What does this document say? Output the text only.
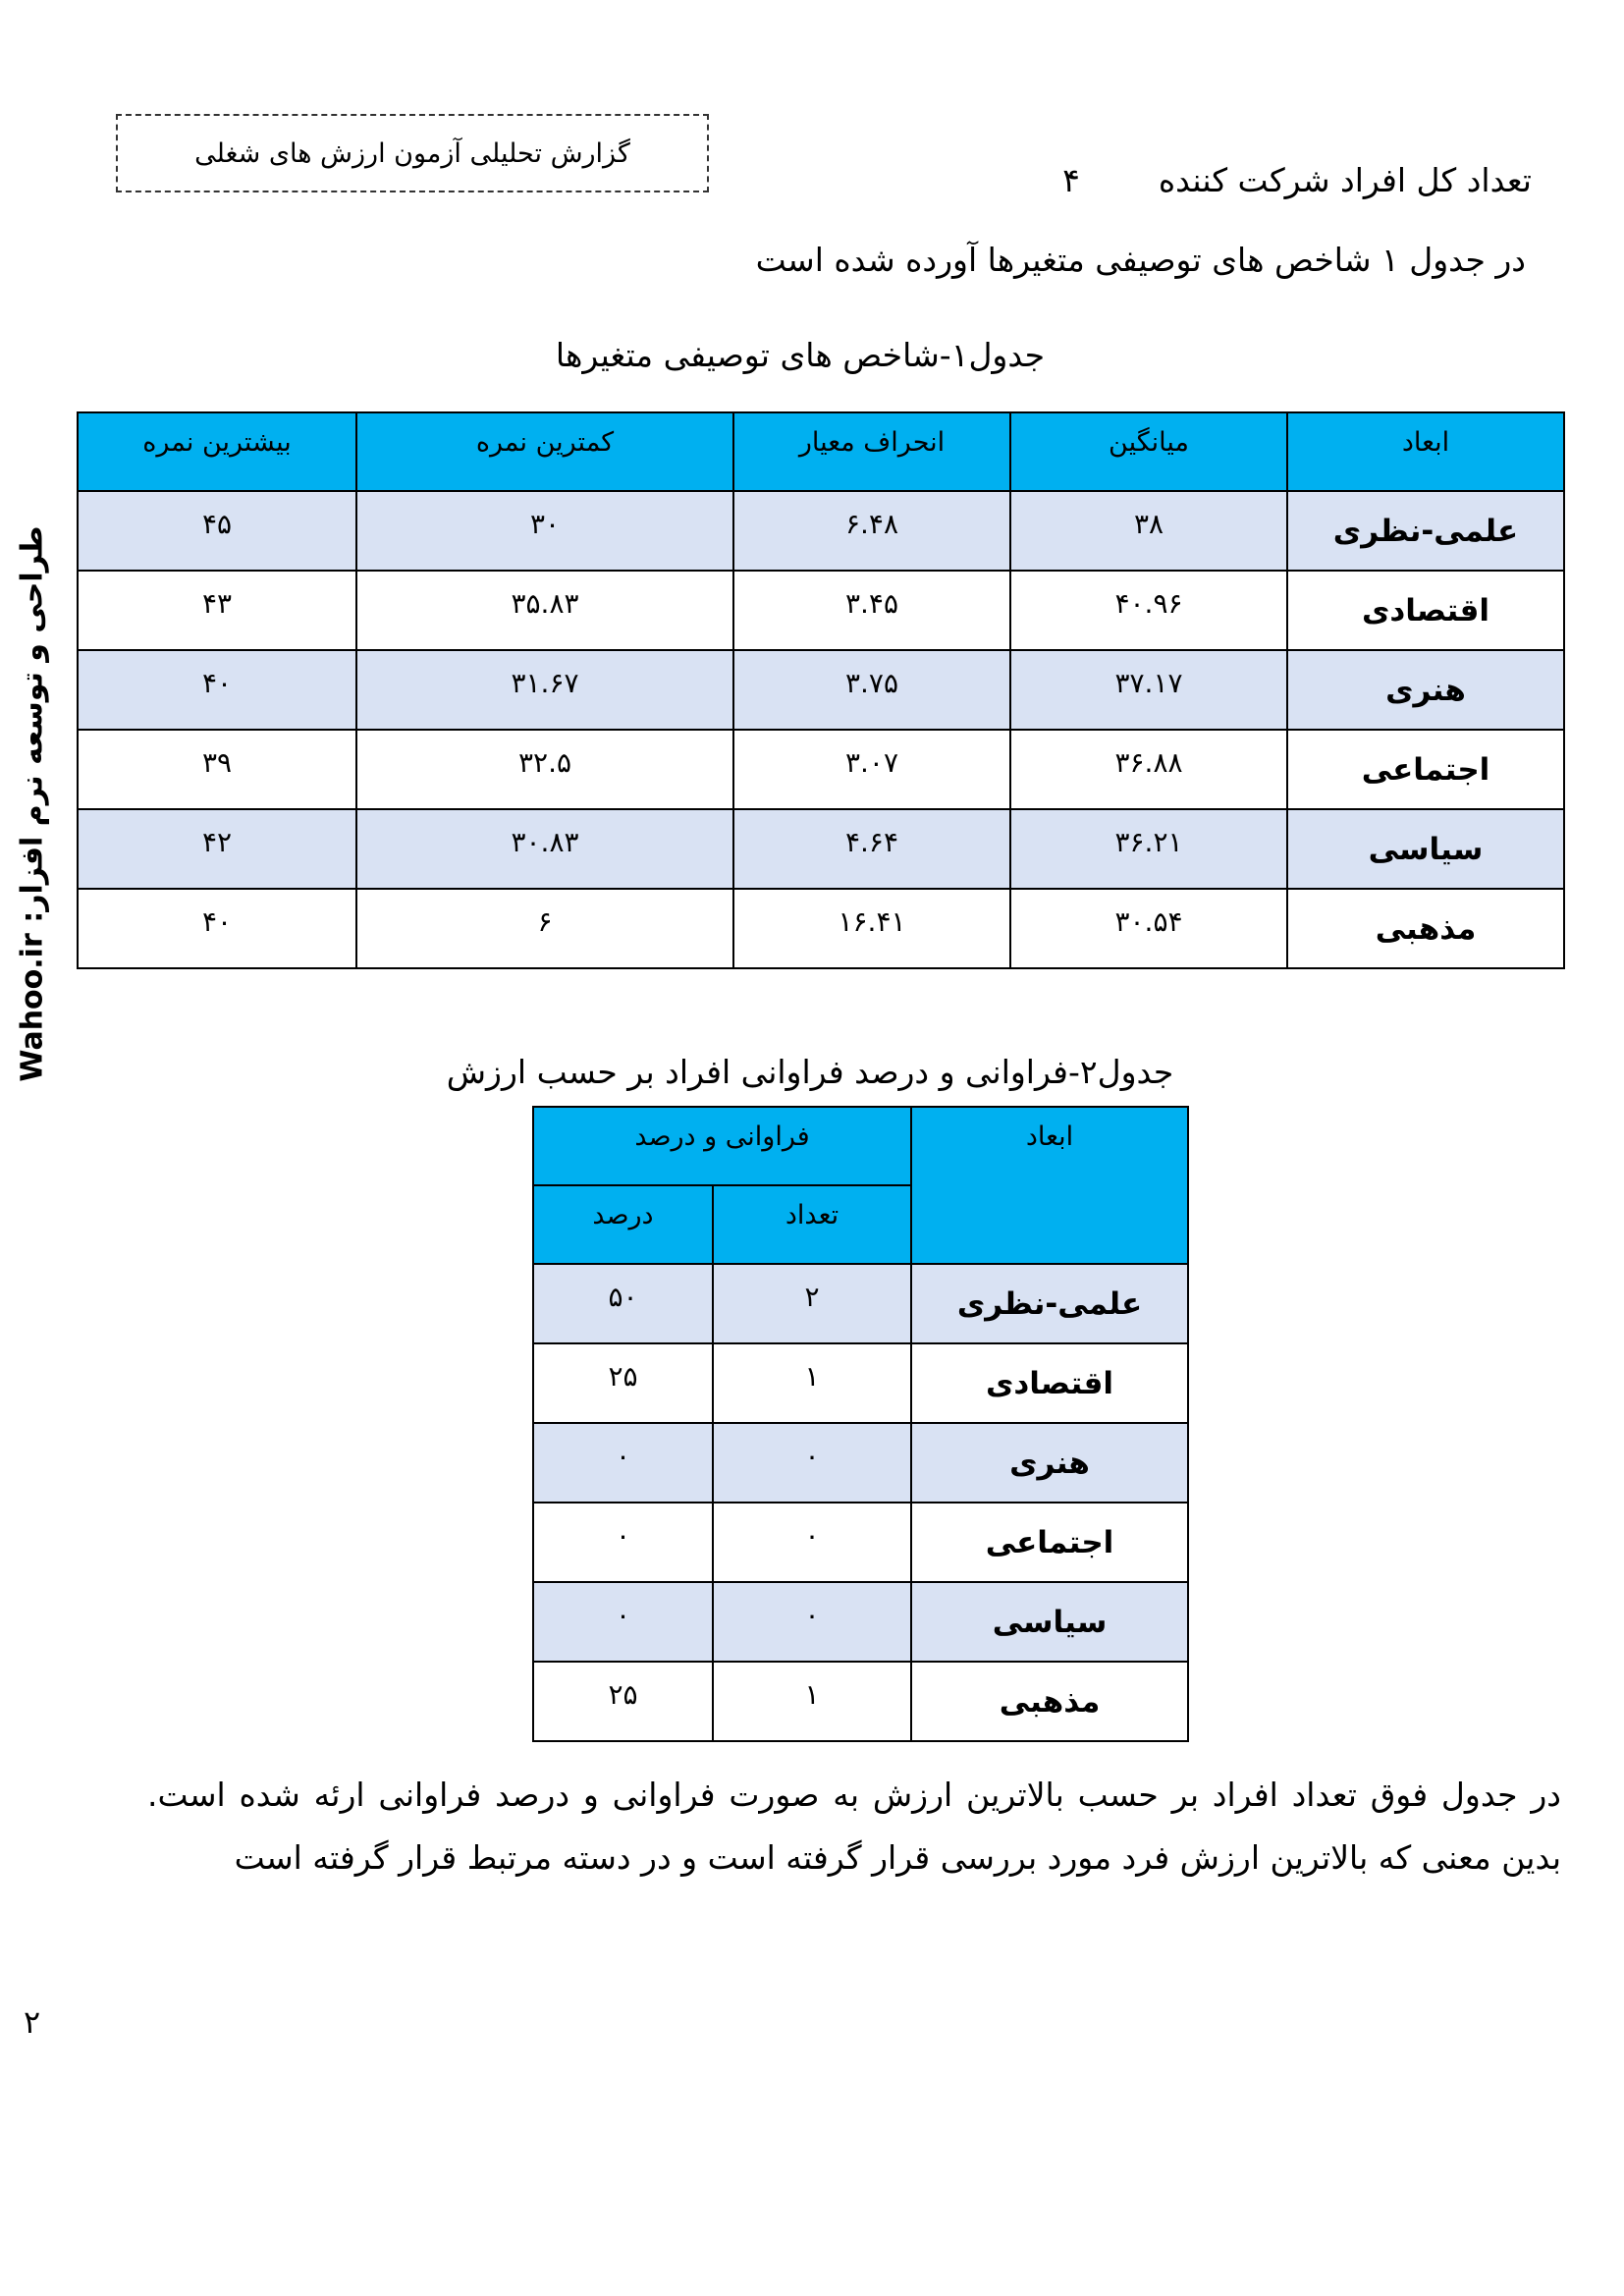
گزارش تحلیلی آزمون ارزش های شغلی
تعداد کل افراد شرکت کننده
۴
در جدول ۱ شاخص های توصیفی متغیرها آورده شده است
جدول۱-شاخص های توصیفی متغیرها
ابعاد	میانگین	انحراف معیار	کمترین نمره	بیشترین نمره
علمی-نظری	۳۸	۶.۴۸	۳۰	۴۵
اقتصادی	۴۰.۹۶	۳.۴۵	۳۵.۸۳	۴۳
هنری	۳۷.۱۷	۳.۷۵	۳۱.۶۷	۴۰
اجتماعی	۳۶.۸۸	۳.۰۷	۳۲.۵	۳۹
سیاسی	۳۶.۲۱	۴.۶۴	۳۰.۸۳	۴۲
مذهبی	۳۰.۵۴	۱۶.۴۱	۶	۴۰
جدول۲-فراوانی و درصد فراوانی افراد بر حسب ارزش
ابعاد	فراوانی و درصد	
	تعداد	درصد
علمی-نظری	۲	۵۰
اقتصادی	۱	۲۵
هنری	۰	۰
اجتماعی	۰	۰
سیاسی	۰	۰
مذهبی	۱	۲۵
در جدول فوق تعداد افراد بر حسب بالاترین ارزش به صورت فراوانی و درصد فراوانی ارئه شده است. بدین معنی که بالاترین ارزش فرد مورد بررسی قرار گرفته است و در دسته مرتبط قرار گرفته است
طراحی و توسعه نرم افزار: Wahoo.ir
۲
